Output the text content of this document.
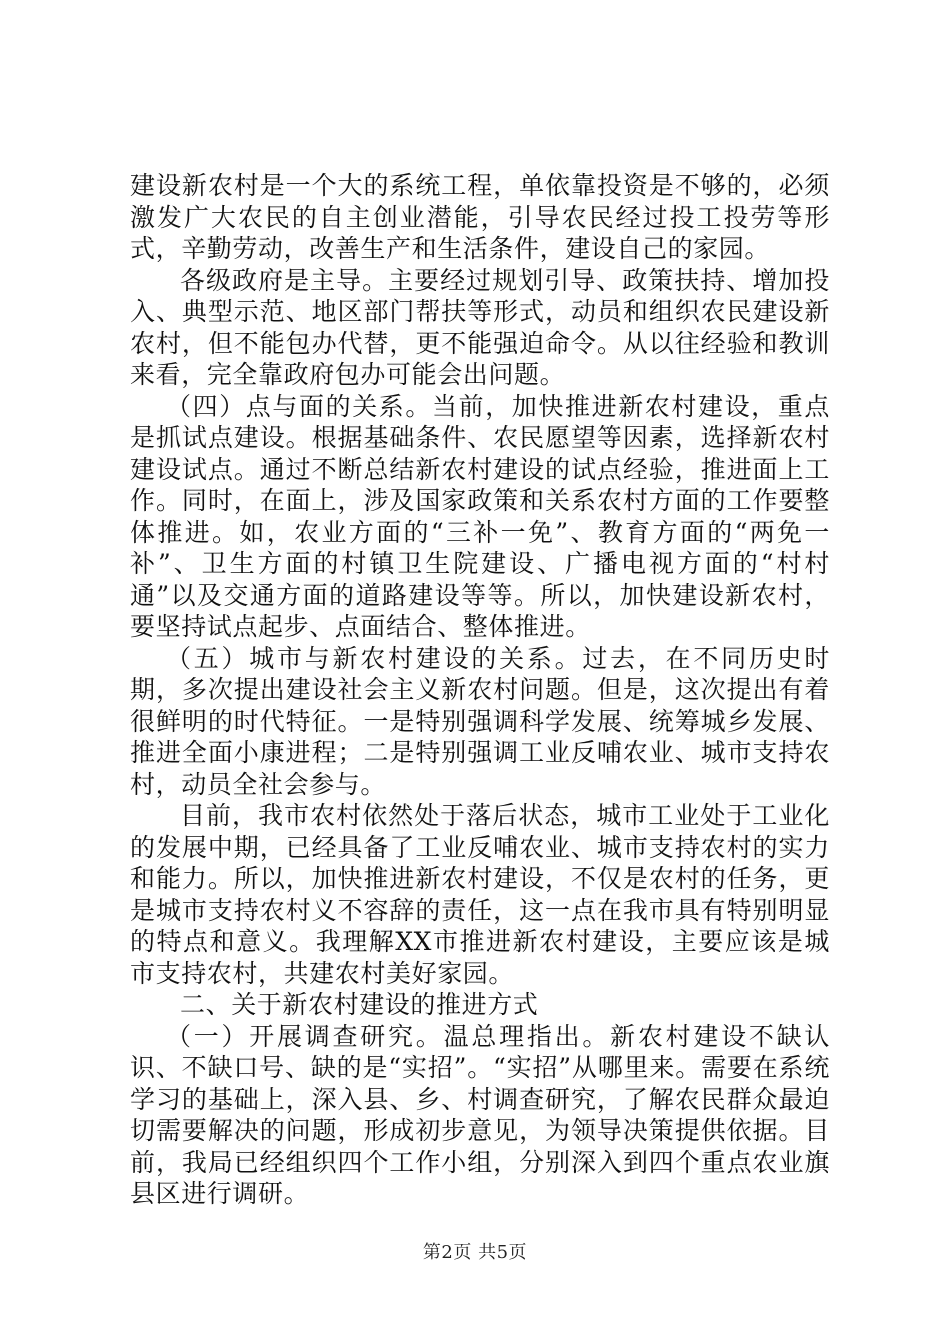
建设新农村是一个大的系统工程，单依靠投资是不够的，必须激发广大农民的自主创业潜能，引导农民经过投工投劳等形式，辛勤劳动，改善生产和生活条件，建设自己的家园。

各级政府是主导。主要经过规划引导、政策扶持、增加投入、典型示范、地区部门帮扶等形式，动员和组织农民建设新农村，但不能包办代替，更不能强迫命令。从以往经验和教训来看，完全靠政府包办可能会出问题。

（四）点与面的关系。当前，加快推进新农村建设，重点是抓试点建设。根据基础条件、农民愿望等因素，选择新农村建设试点。通过不断总结新农村建设的试点经验，推进面上工作。同时，在面上，涉及国家政策和关系农村方面的工作要整体推进。如，农业方面的“三补一免”、教育方面的“两免一补”、卫生方面的村镇卫生院建设、广播电视方面的“村村通”以及交通方面的道路建设等等。所以，加快建设新农村，要坚持试点起步、点面结合、整体推进。

（五）城市与新农村建设的关系。过去，在不同历史时期，多次提出建设社会主义新农村问题。但是，这次提出有着很鲜明的时代特征。一是特别强调科学发展、统筹城乡发展、推进全面小康进程；二是特别强调工业反哺农业、城市支持农村，动员全社会参与。

目前，我市农村依然处于落后状态，城市工业处于工业化的发展中期，已经具备了工业反哺农业、城市支持农村的实力和能力。所以，加快推进新农村建设，不仅是农村的任务，更是城市支持农村义不容辞的责任，这一点在我市具有特别明显的特点和意义。我理解XX市推进新农村建设，主要应该是城市支持农村，共建农村美好家园。

二、关于新农村建设的推进方式

（一）开展调查研究。温总理指出。新农村建设不缺认识、不缺口号、缺的是“实招”。“实招”从哪里来。需要在系统学习的基础上，深入县、乡、村调查研究，了解农民群众最迫切需要解决的问题，形成初步意见，为领导决策提供依据。目前，我局已经组织四个工作小组，分别深入到四个重点农业旗县区进行调研。

第2页 共5页
